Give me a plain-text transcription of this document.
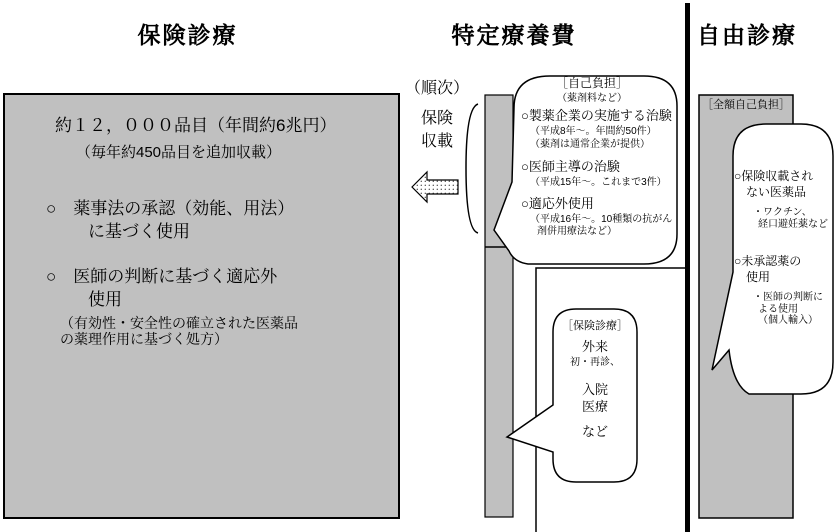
保険診療	特定療養費	自由診療
約１２，０００品目（年間約6兆円）
（毎年約450品目を追加収載）
○　薬事法の承認（効能、用法）
に基づく使用
○　医師の判断に基づく適応外
使用
（有効性・安全性の確立された医薬品
の薬理作用に基づく処方）
（順次）
保険
収載
［自己負担］
（薬剤料など）
○製薬企業の実施する治験
（平成8年～。年間約50件）
（薬剤は通常企業が提供）
○医師主導の治験
（平成15年～。これまで3件）
○適応外使用
（平成16年～。10種類の抗がん
剤併用療法など）
［保険診療］
外来
初・再診、
入院
医療
など
［全額自己負担］
○保険収載され
ない医薬品
・ワクチン、
経口避妊薬など
○未承認薬の
使用
・医師の判断に
よる使用
（個人輸入）
